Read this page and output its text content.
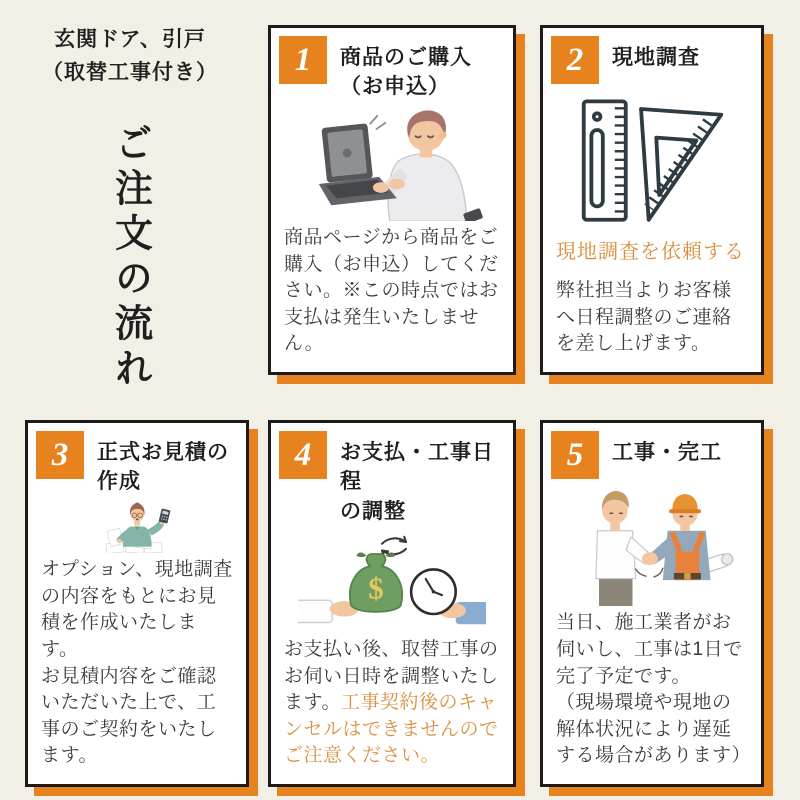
玄関ドア、引戸
（取替工事付き）
ご注文の流れ
1	商品のご購入
（お申込）

商品ページから商品をご購入（お申込）してください。※この時点ではお支払は発生いたしません。

2	現地調査

現地調査を依頼する

弊社担当よりお客様へ日程調整のご連絡を差し上げます。

3	正式お見積の作成

オプション、現地調査の内容をもとにお見積を作成いたします。

お見積内容をご確認いただいた上で、工事のご契約をいたします。

4	お支払・工事日程
の調整
$

お支払い後、取替工事のお伺い日時を調整いたします。工事契約後のキャンセルはできませんのでご注意ください。

5	工事・完工

当日、施工業者がお伺いし、工事は1日で完了予定です。

（現場環境や現地の解体状況により遅延する場合があります）
